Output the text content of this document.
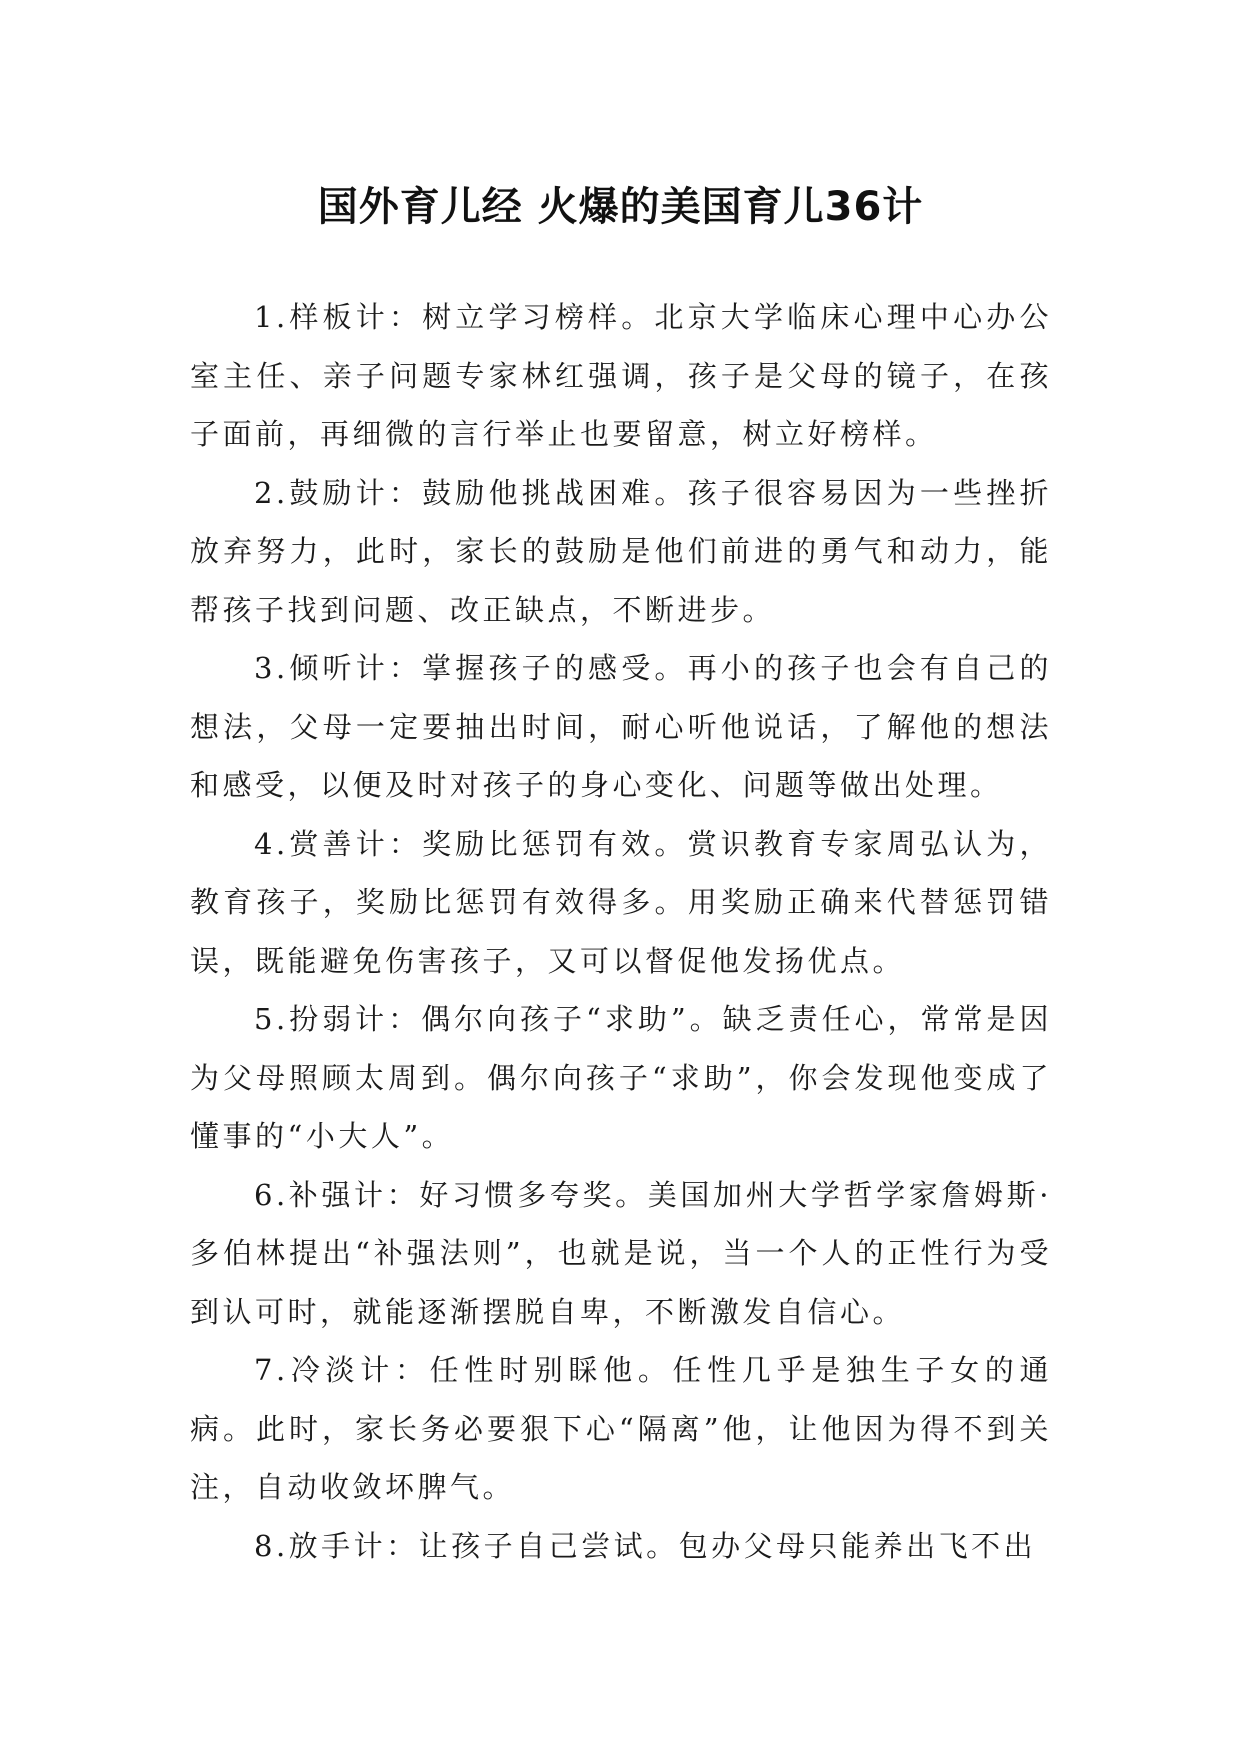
国外育儿经 火爆的美国育儿36计

1.样板计：树立学习榜样。北京大学临床心理中心办公室主任、亲子问题专家林红强调，孩子是父母的镜子，在孩子面前，再细微的言行举止也要留意，树立好榜样。

2.鼓励计：鼓励他挑战困难。孩子很容易因为一些挫折放弃努力，此时，家长的鼓励是他们前进的勇气和动力，能帮孩子找到问题、改正缺点，不断进步。

3.倾听计：掌握孩子的感受。再小的孩子也会有自己的想法，父母一定要抽出时间，耐心听他说话，了解他的想法和感受，以便及时对孩子的身心变化、问题等做出处理。

4.赏善计：奖励比惩罚有效。赏识教育专家周弘认为，教育孩子，奖励比惩罚有效得多。用奖励正确来代替惩罚错误，既能避免伤害孩子，又可以督促他发扬优点。

5.扮弱计：偶尔向孩子“求助”。缺乏责任心，常常是因为父母照顾太周到。偶尔向孩子“求助”，你会发现他变成了懂事的“小大人”。

6.补强计：好习惯多夸奖。美国加州大学哲学家詹姆斯·多伯林提出“补强法则”，也就是说，当一个人的正性行为受到认可时，就能逐渐摆脱自卑，不断激发自信心。

7.冷淡计：任性时别睬他。任性几乎是独生子女的通病。此时，家长务必要狠下心“隔离”他，让他因为得不到关注，自动收敛坏脾气。

8.放手计：让孩子自己尝试。包办父母只能养出飞不出
